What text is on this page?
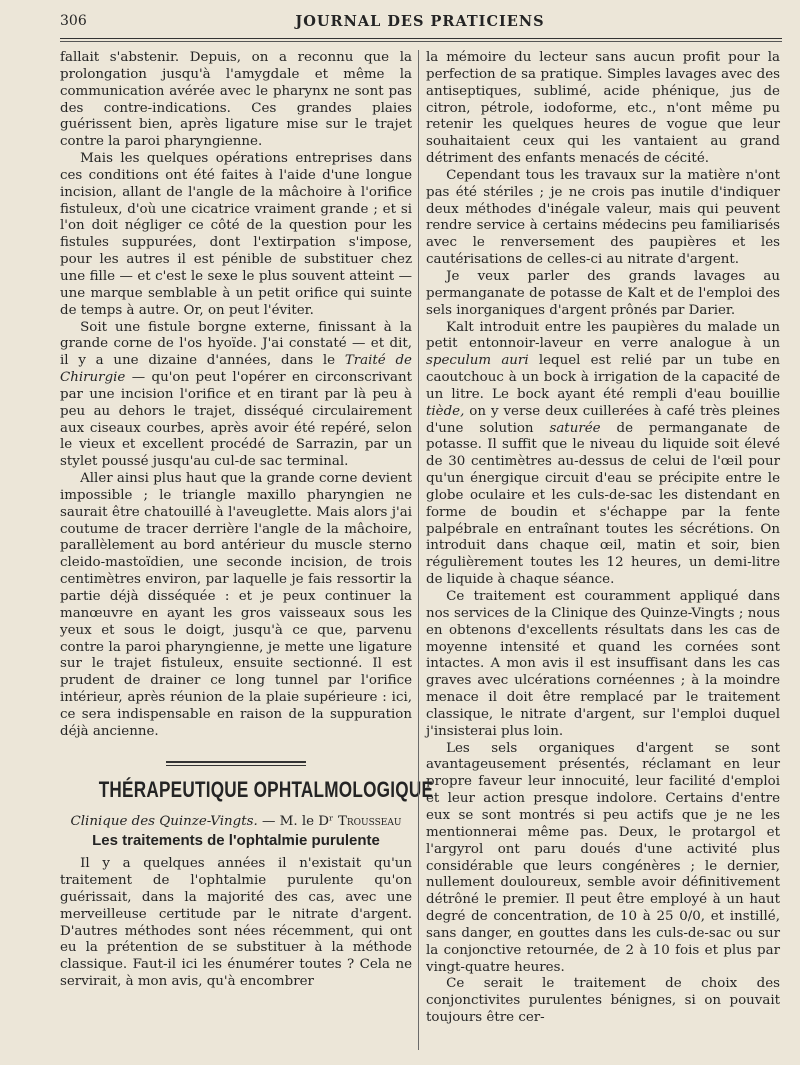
306	JOURNAL DES PRATICIENS

fallait s'abstenir. Depuis, on a reconnu que la prolongation jusqu'à l'amygdale et même la communication avérée avec le pharynx ne sont pas des contre-indications. Ces grandes plaies guérissent bien, après ligature mise sur le trajet contre la paroi pharyngienne.

Mais les quelques opérations entreprises dans ces conditions ont été faites à l'aide d'une longue incision, allant de l'angle de la mâchoire à l'orifice fistuleux, d'où une cicatrice vraiment grande ; et si l'on doit négliger ce côté de la question pour les fistules suppurées, dont l'extirpation s'impose, pour les autres il est pénible de substituer chez une fille — et c'est le sexe le plus souvent atteint — une marque semblable à un petit orifice qui suinte de temps à autre. Or, on peut l'éviter.

Soit une fistule borgne externe, finissant à la grande corne de l'os hyoïde. J'ai constaté — et dit, il y a une dizaine d'années, dans le Traité de Chirurgie — qu'on peut l'opérer en circonscrivant par une incision l'orifice et en tirant par là peu à peu au dehors le trajet, disséqué circulairement aux ciseaux courbes, après avoir été repéré, selon le vieux et excellent procédé de Sarrazin, par un stylet poussé jusqu'au cul-de sac terminal.

Aller ainsi plus haut que la grande corne devient impossible ; le triangle maxillo pharyngien ne saurait être chatouillé à l'aveuglette. Mais alors j'ai coutume de tracer derrière l'angle de la mâchoire, parallèlement au bord antérieur du muscle sterno cleido-mastoïdien, une seconde incision, de trois centimètres environ, par laquelle je fais ressortir la partie déjà disséquée : et je peux continuer la manœuvre en ayant les gros vaisseaux sous les yeux et sous le doigt, jusqu'à ce que, parvenu contre la paroi pharyngienne, je mette une ligature sur le trajet fistuleux, ensuite sectionné. Il est prudent de drainer ce long tunnel par l'orifice intérieur, après réunion de la plaie supérieure : ici, ce sera indispensable en raison de la suppuration déjà ancienne.

THÉRAPEUTIQUE OPHTALMOLOGIQUE
Clinique des Quinze-Vingts. — M. le Dʳ Trousseau
Les traitements de l'ophtalmie purulente

Il y a quelques années il n'existait qu'un traitement de l'ophtalmie purulente qu'on guérissait, dans la majorité des cas, avec une merveilleuse certitude par le nitrate d'argent. D'autres méthodes sont nées récemment, qui ont eu la prétention de se substituer à la méthode classique. Faut-il ici les énumérer toutes ? Cela ne servirait, à mon avis, qu'à encombrer

la mémoire du lecteur sans aucun profit pour la perfection de sa pratique. Simples lavages avec des antiseptiques, sublimé, acide phénique, jus de citron, pétrole, iodoforme, etc., n'ont même pu retenir les quelques heures de vogue que leur souhaitaient ceux qui les vantaient au grand détriment des enfants menacés de cécité.

Cependant tous les travaux sur la matière n'ont pas été stériles ; je ne crois pas inutile d'indiquer deux méthodes d'inégale valeur, mais qui peuvent rendre service à certains médecins peu familiarisés avec le renversement des paupières et les cautérisations de celles-ci au nitrate d'argent.

Je veux parler des grands lavages au permanganate de potasse de Kalt et de l'emploi des sels inorganiques d'argent prônés par Darier.

Kalt introduit entre les paupières du malade un petit entonnoir-laveur en verre analogue à un speculum auri lequel est relié par un tube en caoutchouc à un bock à irrigation de la capacité de un litre. Le bock ayant été rempli d'eau bouillie tiède, on y verse deux cuillerées à café très pleines d'une solution saturée de permanganate de potasse. Il suffit que le niveau du liquide soit élevé de 30 centimètres au-dessus de celui de l'œil pour qu'un énergique circuit d'eau se précipite entre le globe oculaire et les culs-de-sac les distendant en forme de boudin et s'échappe par la fente palpébrale en entraînant toutes les sécrétions. On introduit dans chaque œil, matin et soir, bien régulièrement toutes les 12 heures, un demi-litre de liquide à chaque séance.

Ce traitement est couramment appliqué dans nos services de la Clinique des Quinze-Vingts ; nous en obtenons d'excellents résultats dans les cas de moyenne intensité et quand les cornées sont intactes. A mon avis il est insuffisant dans les cas graves avec ulcérations cornéennes ; à la moindre menace il doit être remplacé par le traitement classique, le nitrate d'argent, sur l'emploi duquel j'insisterai plus loin.

Les sels organiques d'argent se sont avantageusement présentés, réclamant en leur propre faveur leur innocuité, leur facilité d'emploi et leur action presque indolore. Certains d'entre eux se sont montrés si peu actifs que je ne les mentionnerai même pas. Deux, le protargol et l'argyrol ont paru doués d'une activité plus considérable que leurs congénères ; le dernier, nullement douloureux, semble avoir définitivement détrôné le premier. Il peut être employé à un haut degré de concentration, de 10 à 25 0/0, et instillé, sans danger, en gouttes dans les culs-de-sac ou sur la conjonctive retournée, de 2 à 10 fois et plus par vingt-quatre heures.

Ce serait le traitement de choix des conjonctivites purulentes bénignes, si on pouvait toujours être cer-
